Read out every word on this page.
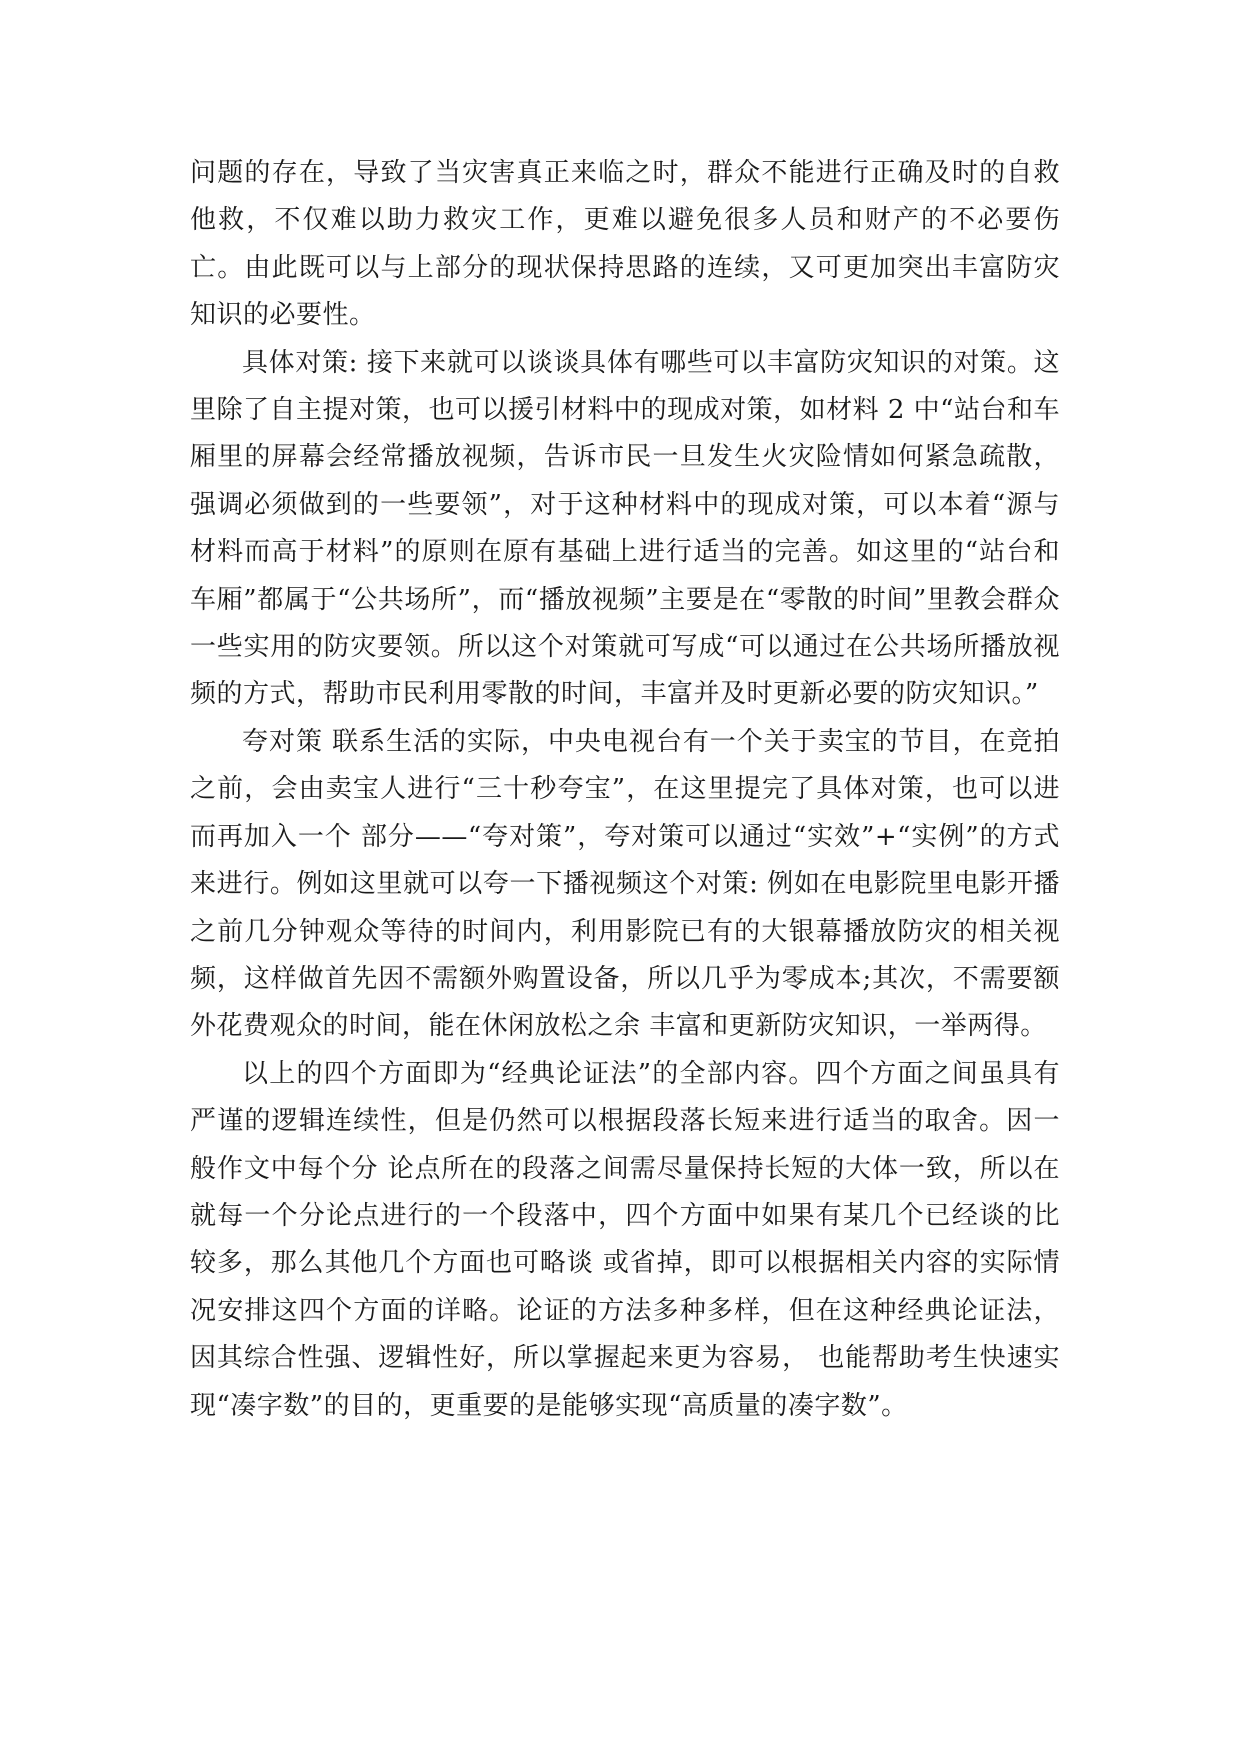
问题的存在，导致了当灾害真正来临之时，群众不能进行正确及时的自救他救，不仅难以助力救灾工作，更难以避免很多人员和财产的不必要伤亡。由此既可以与上部分的现状保持思路的连续，又可更加突出丰富防灾知识的必要性。

具体对策: 接下来就可以谈谈具体有哪些可以丰富防灾知识的对策。这里除了自主提对策，也可以援引材料中的现成对策，如材料 2 中“站台和车厢里的屏幕会经常播放视频，告诉市民一旦发生火灾险情如何紧急疏散，强调必须做到的一些要领”，对于这种材料中的现成对策，可以本着“源与材料而高于材料”的原则在原有基础上进行适当的完善。如这里的“站台和车厢”都属于“公共场所”，而“播放视频”主要是在“零散的时间”里教会群众一些实用的防灾要领。所以这个对策就可写成“可以通过在公共场所播放视频的方式，帮助市民利用零散的时间，丰富并及时更新必要的防灾知识。”

夸对策 联系生活的实际，中央电视台有一个关于卖宝的节目，在竞拍之前，会由卖宝人进行“三十秒夸宝”，在这里提完了具体对策，也可以进而再加入一个 部分——“夸对策”，夸对策可以通过“实效”+“实例”的方式来进行。例如这里就可以夸一下播视频这个对策: 例如在电影院里电影开播之前几分钟观众等待的时间内，利用影院已有的大银幕播放防灾的相关视频，这样做首先因不需额外购置设备，所以几乎为零成本;其次，不需要额外花费观众的时间，能在休闲放松之余 丰富和更新防灾知识，一举两得。

以上的四个方面即为“经典论证法”的全部内容。四个方面之间虽具有严谨的逻辑连续性，但是仍然可以根据段落长短来进行适当的取舍。因一般作文中每个分 论点所在的段落之间需尽量保持长短的大体一致，所以在就每一个分论点进行的一个段落中，四个方面中如果有某几个已经谈的比较多，那么其他几个方面也可略谈 或省掉，即可以根据相关内容的实际情况安排这四个方面的详略。论证的方法多种多样，但在这种经典论证法，因其综合性强、逻辑性好，所以掌握起来更为容易， 也能帮助考生快速实现“凑字数”的目的，更重要的是能够实现“高质量的凑字数”。
